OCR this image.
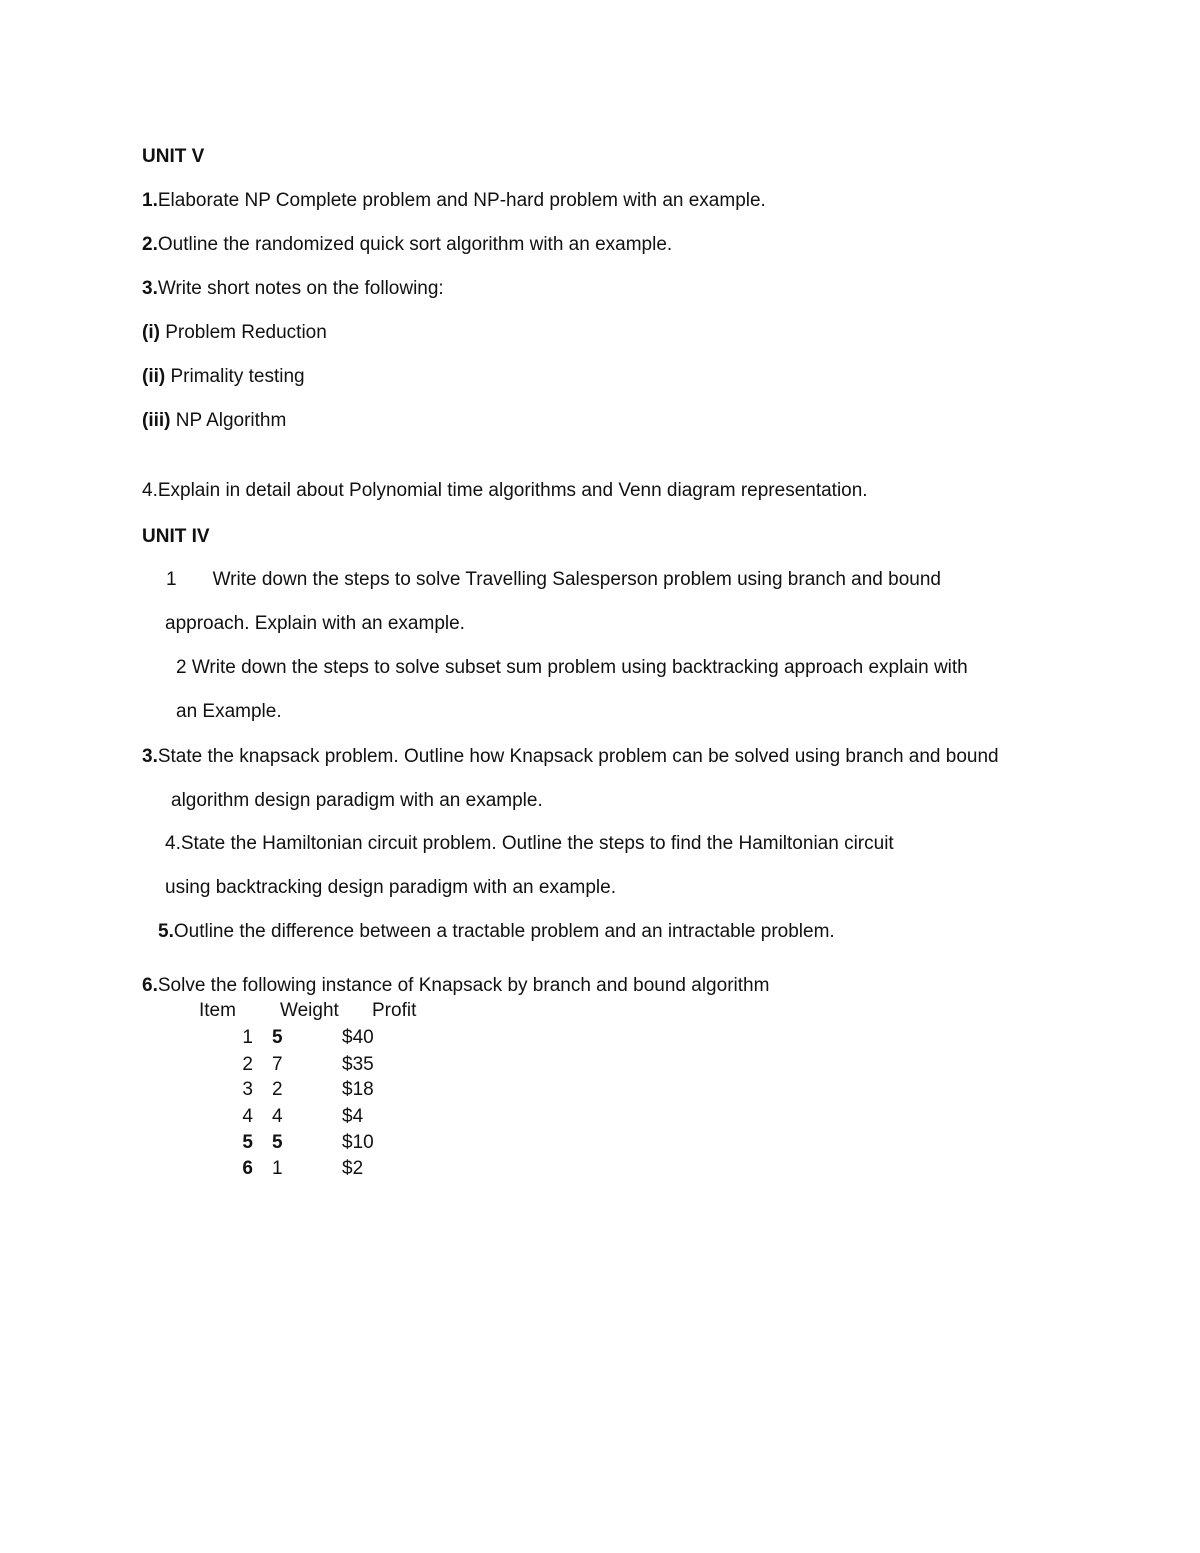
UNIT V
1.Elaborate NP Complete problem and NP-hard problem with an example.
2.Outline the randomized quick sort algorithm with an example.
3.Write short notes on the following:
(i) Problem Reduction
(ii) Primality testing
(iii) NP Algorithm
4.Explain in detail about Polynomial time algorithms and Venn diagram representation.
UNIT IV
1 Write down the steps to solve Travelling Salesperson problem using branch and bound
approach. Explain with an example.
2 Write down the steps to solve subset sum problem using backtracking approach explain with
an Example.
3.State the knapsack problem. Outline how Knapsack problem can be solved using branch and bound
algorithm design paradigm with an example.
4.State the Hamiltonian circuit problem. Outline the steps to find the Hamiltonian circuit
using backtracking design paradigm with an example.
5.Outline the difference between a tractable problem and an intractable problem.
6.Solve the following instance of Knapsack by branch and bound algorithm
Item Weight Profit
1 5	$40
2 7	$35
3 2	$18
4 4	$4
5 5	$10
6 1	$2
